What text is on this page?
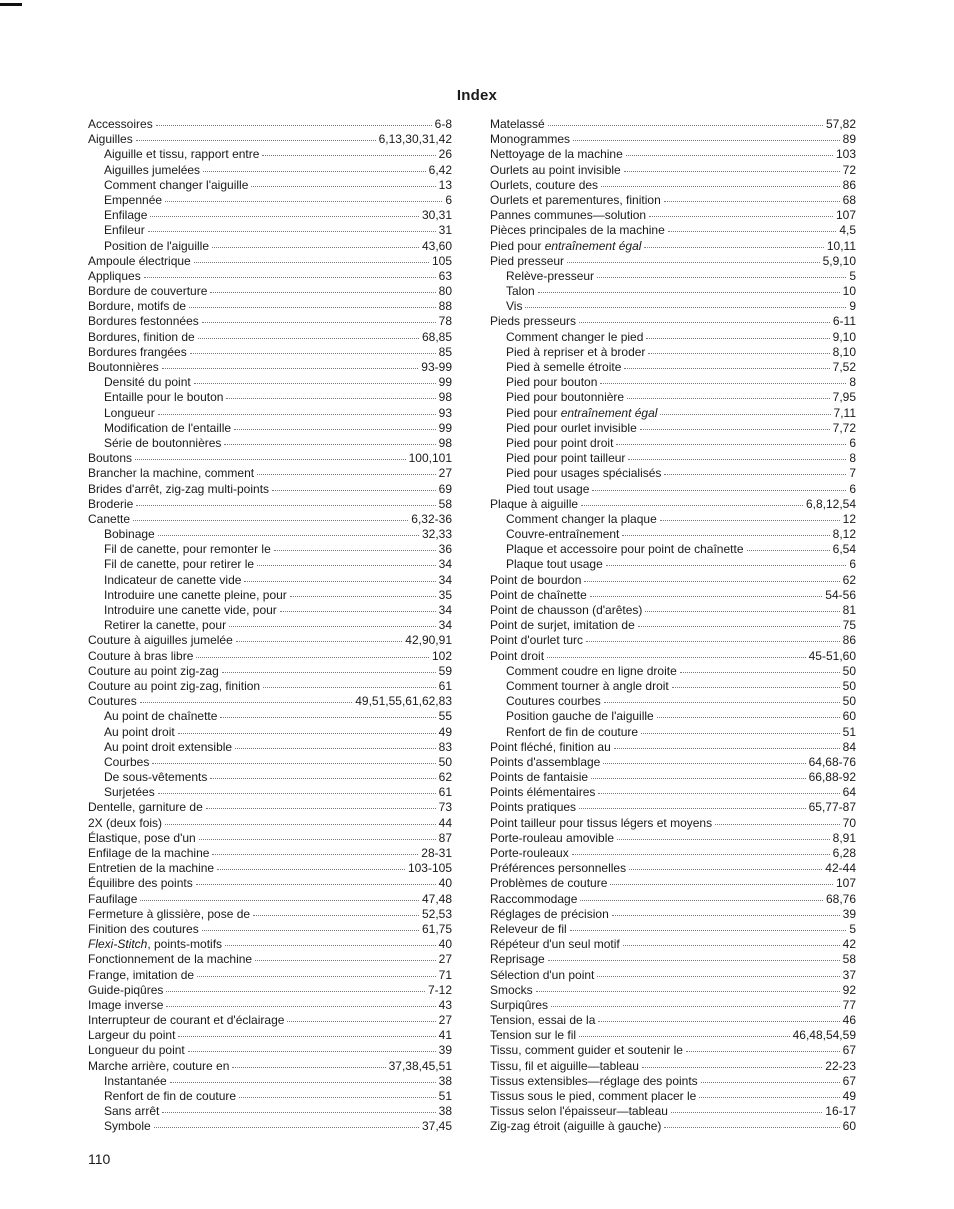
Index
Accessoires	6-8
Aiguilles	6,13,30,31,42
Aiguille et tissu, rapport entre	26
Aiguilles jumelées	6,42
Comment changer l'aiguille	13
Empennée	6
Enfilage	30,31
Enfileur	31
Position de l'aiguille	43,60
Ampoule électrique	105
Appliques	63
Bordure de couverture	80
Bordure, motifs de	88
Bordures festonnées	78
Bordures, finition de	68,85
Bordures frangées	85
Boutonnières	93-99
Densité du point	99
Entaille pour le bouton	98
Longueur	93
Modification de l'entaille	99
Série de boutonnières	98
Boutons	100,101
Brancher la machine, comment	27
Brides d'arrêt, zig-zag multi-points	69
Broderie	58
Canette	6,32-36
Bobinage	32,33
Fil de canette, pour remonter le	36
Fil de canette, pour retirer le	34
Indicateur de canette vide	34
Introduire une canette pleine, pour	35
Introduire une canette vide, pour	34
Retirer la canette, pour	34
Couture à aiguilles jumelée	42,90,91
Couture à bras libre	102
Couture au point zig-zag	59
Couture au point zig-zag, finition	61
Coutures	49,51,55,61,62,83
Au point de chaînette	55
Au point droit	49
Au point droit extensible	83
Courbes	50
De sous-vêtements	62
Surjetées	61
Dentelle, garniture de	73
2X (deux fois)	44
Élastique, pose d'un	87
Enfilage de la machine	28-31
Entretien de la machine	103-105
Équilibre des points	40
Faufilage	47,48
Fermeture à glissière, pose de	52,53
Finition des coutures	61,75
Flexi-Stitch, points-motifs	40
Fonctionnement de la machine	27
Frange, imitation de	71
Guide-piqûres	7-12
Image inverse	43
Interrupteur de courant et d'éclairage	27
Largeur du point	41
Longueur du point	39
Marche arrière, couture en	37,38,45,51
Instantanée	38
Renfort de fin de couture	51
Sans arrêt	38
Symbole	37,45
Matelassé	57,82
Monogrammes	89
Nettoyage de la machine	103
Ourlets au point invisible	72
Ourlets, couture des	86
Ourlets et parementures, finition	68
Pannes communes—solution	107
Pièces principales de la machine	4,5
Pied pour entraînement égal	10,11
Pied presseur	5,9,10
Relève-presseur	5
Talon	10
Vis	9
Pieds presseurs	6-11
Comment changer le pied	9,10
Pied à repriser et à broder	8,10
Pied à semelle étroite	7,52
Pied pour bouton	8
Pied pour boutonnière	7,95
Pied pour entraînement égal	7,11
Pied pour ourlet invisible	7,72
Pied pour point droit	6
Pied pour point tailleur	8
Pied pour usages spécialisés	7
Pied tout usage	6
Plaque à aiguille	6,8,12,54
Comment changer la plaque	12
Couvre-entraînement	8,12
Plaque et accessoire pour point de chaînette	6,54
Plaque tout usage	6
Point de bourdon	62
Point de chaînette	54-56
Point de chausson (d'arêtes)	81
Point de surjet, imitation de	75
Point d'ourlet turc	86
Point droit	45-51,60
Comment coudre en ligne droite	50
Comment tourner à angle droit	50
Coutures courbes	50
Position gauche de l'aiguille	60
Renfort de fin de couture	51
Point fléché, finition au	84
Points d'assemblage	64,68-76
Points de fantaisie	66,88-92
Points élémentaires	64
Points pratiques	65,77-87
Point tailleur pour tissus légers et moyens	70
Porte-rouleau amovible	8,91
Porte-rouleaux	6,28
Préférences personnelles	42-44
Problèmes de couture	107
Raccommodage	68,76
Réglages de précision	39
Releveur de fil	5
Répéteur d'un seul motif	42
Reprisage	58
Sélection d'un point	37
Smocks	92
Surpiqûres	77
Tension, essai de la	46
Tension sur le fil	46,48,54,59
Tissu, comment guider et soutenir le	67
Tissu, fil et aiguille—tableau	22-23
Tissus extensibles—réglage des points	67
Tissus sous le pied, comment placer le	49
Tissus selon l'épaisseur—tableau	16-17
Zig-zag étroit (aiguille à gauche)	60
110
